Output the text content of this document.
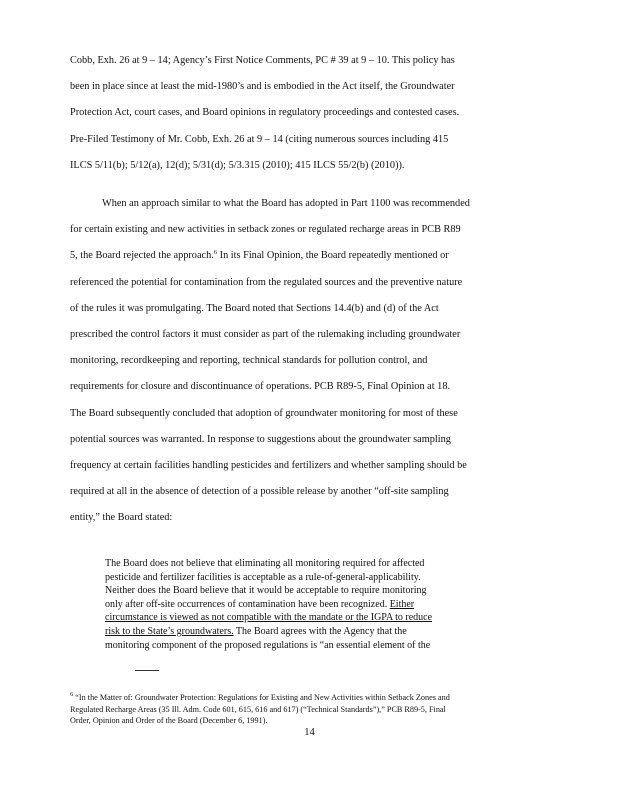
Cobb, Exh. 26 at 9 – 14; Agency’s First Notice Comments, PC # 39 at 9 – 10. This policy has
been in place since at least the mid-1980’s and is embodied in the Act itself, the Groundwater
Protection Act, court cases, and Board opinions in regulatory proceedings and contested cases.
Pre-Filed Testimony of Mr. Cobb, Exh. 26 at 9 – 14 (citing numerous sources including 415
ILCS 5/11(b); 5/12(a), 12(d); 5/31(d); 5/3.315 (2010); 415 ILCS 55/2(b) (2010)).
When an approach similar to what the Board has adopted in Part 1100 was recommended
for certain existing and new activities in setback zones or regulated recharge areas in PCB R89
5, the Board rejected the approach.$^6$ In its Final Opinion, the Board repeatedly mentioned or
referenced the potential for contamination from the regulated sources and the preventive nature
of the rules it was promulgating. The Board noted that Sections 14.4(b) and (d) of the Act
prescribed the control factors it must consider as part of the rulemaking including groundwater
monitoring, recordkeeping and reporting, technical standards for pollution control, and
requirements for closure and discontinuance of operations. PCB R89-5, Final Opinion at 18.
The Board subsequently concluded that adoption of groundwater monitoring for most of these
potential sources was warranted. In response to suggestions about the groundwater sampling
frequency at certain facilities handling pesticides and fertilizers and whether sampling should be
required at all in the absence of detection of a possible release by another “off-site sampling
entity,” the Board stated:
The Board does not believe that eliminating all monitoring required for affected
pesticide and fertilizer facilities is acceptable as a rule-of-general-applicability.
Neither does the Board believe that it would be acceptable to require monitoring
only after off-site occurrences of contamination have been recognized. Either
circumstance is viewed as not compatible with the mandate or the IGPA to reduce
risk to the State’s groundwaters. The Board agrees with the Agency that the
monitoring component of the proposed regulations is “an essential element of the
$^6$ “In the Matter of: Groundwater Protection: Regulations for Existing and New Activities within Setback Zones and
Regulated Recharge Areas (35 Ill. Adm. Code 601, 615, 616 and 617) (“Technical Standards”),” PCB R89-5, Final
Order, Opinion and Order of the Board (December 6, 1991).
14
